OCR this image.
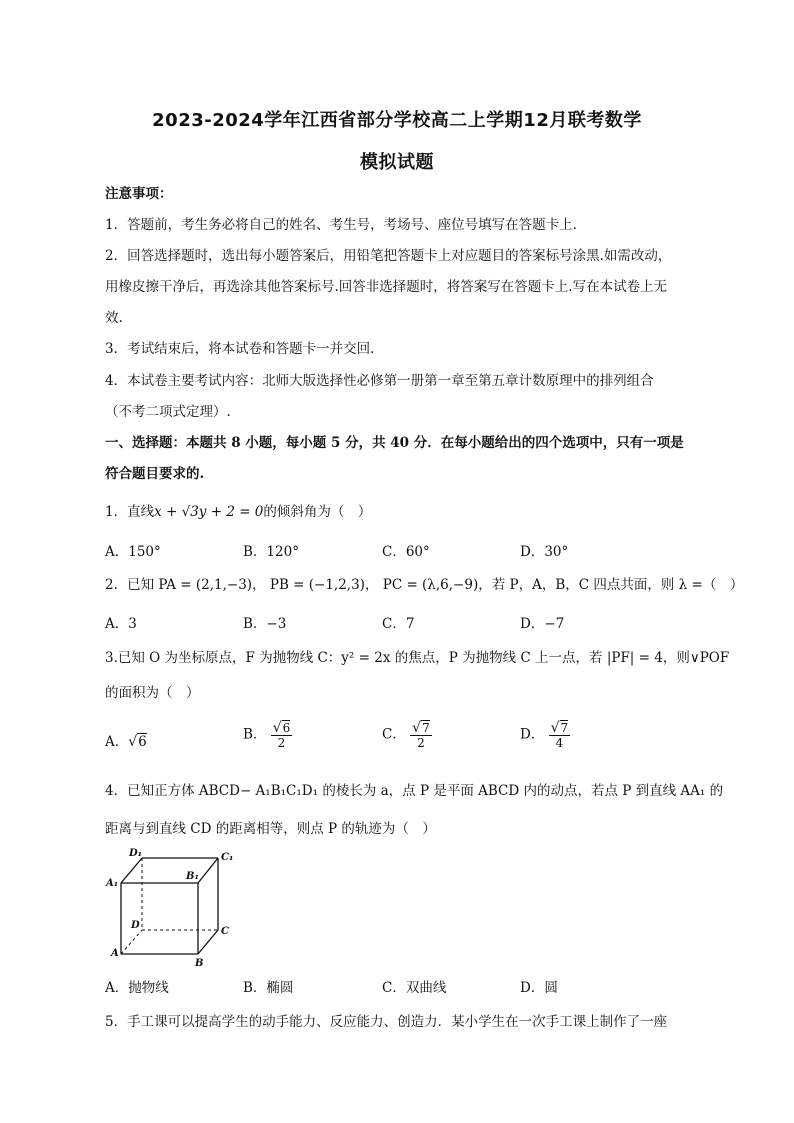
2023-2024学年江西省部分学校高二上学期12月联考数学
模拟试题
注意事项：
1．答题前，考生务必将自己的姓名、考生号，考场号、座位号填写在答题卡上.
2．回答选择题时，选出每小题答案后，用铅笔把答题卡上对应题目的答案标号涂黑.如需改动，
用橡皮擦干净后，再选涂其他答案标号.回答非选择题时，将答案写在答题卡上.写在本试卷上无
效.
3．考试结束后，将本试卷和答题卡一并交回.
4．本试卷主要考试内容：北师大版选择性必修第一册第一章至第五章计数原理中的排列组合
（不考二项式定理）.
一、选择题：本题共 8 小题，每小题 5 分，共 40 分．在每小题给出的四个选项中，只有一项是
符合题目要求的.
1．直线x + √3y + 2 = 0的倾斜角为（　）
A．150°	B．120°	C．60°	D．30°
2．已知 PA = (2,1,−3)， PB = (−1,2,3)， PC = (λ,6,−9)，若 P，A，B，C 四点共面，则 λ =（　）
A．3	B．−3	C．7	D．−7
3.已知 O 为坐标原点，F 为抛物线 C：y² = 2x 的焦点，P 为抛物线 C 上一点，若 |PF| = 4，则∨POF
的面积为（　）
A．√6	B． $\frac{√6}{2}$	C． $\frac{√7}{2}$	D． $\frac{√7}{4}$
4．已知正方体 ABCD− A₁B₁C₁D₁ 的棱长为 a，点 P 是平面 ABCD 内的动点，若点 P 到直线 AA₁ 的
距离与到直线 CD 的距离相等，则点 P 的轨迹为（　）
D₁	C₁
A₁
B₁
D
C
A
B
A．抛物线	B．椭圆	C．双曲线	D．圆
5．手工课可以提高学生的动手能力、反应能力、创造力．某小学生在一次手工课上制作了一座
